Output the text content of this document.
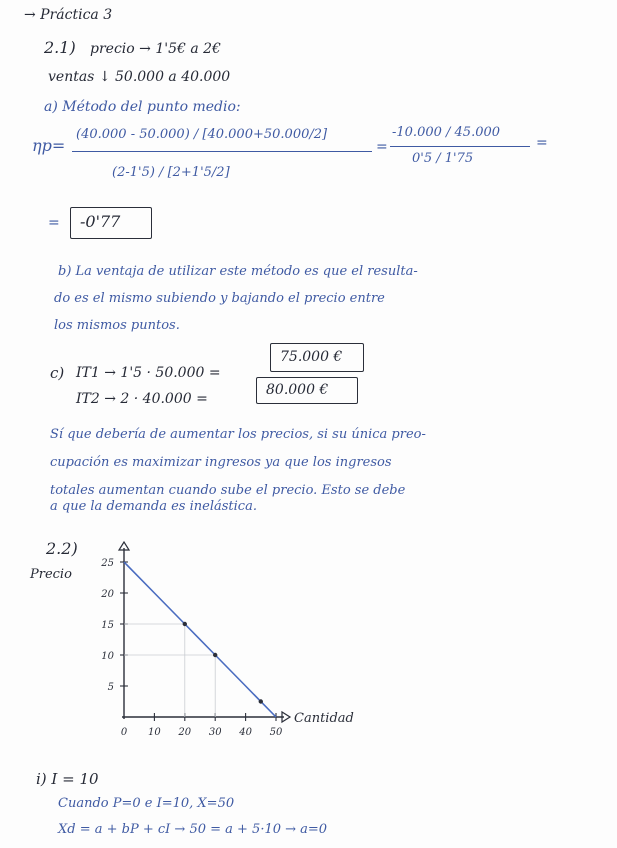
→ Práctica 3
2.1) precio → 1'5€ a 2€
ventas ↓ 50.000 a 40.000
a) Método del punto medio:
ηp=
(40.000 - 50.000) / [40.000+50.000/2]
(2-1'5) / [2+1'5/2]
=
-10.000 / 45.000
0'5 / 1'75
=
= -0'77
b) La ventaja de utilizar este método es que el resulta-
do es el mismo subiendo y bajando el precio entre
los mismos puntos.
c) IT1 → 1'5 · 50.000 =
75.000 €
IT2 → 2 · 40.000 =
80.000 €
Sí que debería de aumentar los precios, si su única preo-
cupación es maximizar ingresos ya que los ingresos
totales aumentan cuando sube el precio. Esto se debe
a que la demanda es inelástica.
2.2)
Precio
0 10 20 30 40 50
5
10
15
20
25
Cantidad
i) I = 10
Cuando P=0 e I=10, X=50
Xd = a + bP + cI → 50 = a + 5·10 → a=0
